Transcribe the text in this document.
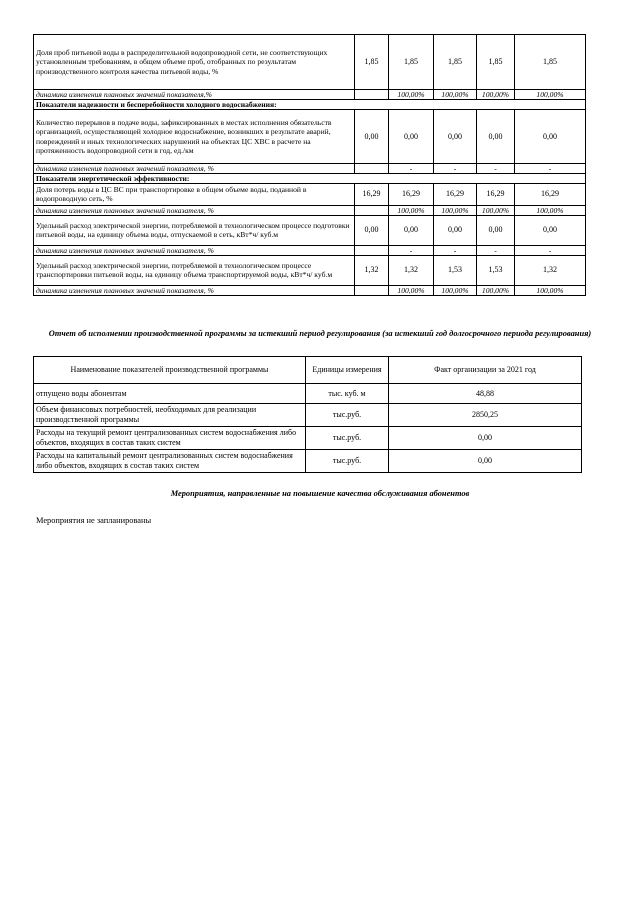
Доля проб питьевой воды в распределительной водопроводной сети, не соответствующих установленным требованиям, в общем объеме проб, отобранных по результатам производственного контроля качества питьевой воды, %	1,85	1,85	1,85	1,85	1,85
динамика изменения плановых значений показателя,%		100,00%	100,00%	100,00%	100,00%
Показатели надежности и бесперебойности холодного водоснабжения:					
Количество перерывов в подаче воды, зафиксированных в местах исполнения обязательств организацией, осуществляющей холодное водоснабжение, возникших в результате аварий, повреждений и иных технологических нарушений на объектах ЦС ХВС в расчете на протяженность водопроводной сети в год, ед./км	0,00	0,00	0,00	0,00	0,00
динамика изменения плановых значений показателя, %		-	-	-	-
Показатели энергетической эффективности:					
Доля потерь воды в ЦС ВС при транспортировке в общем объеме воды, поданной в водопроводную сеть, %	16,29	16,29	16,29	16,29	16,29
динамика изменения плановых значений показателя, %		100,00%	100,00%	100,00%	100,00%
Удельный расход электрической энергии, потребляемой в технологическом процессе подготовки питьевой воды, на единицу объема воды, отпускаемой в сеть, кВт*ч/ куб.м	0,00	0,00	0,00	0,00	0,00
динамика изменения плановых значений показателя, %		-	-	-	-
Удельный расход электрической энергии, потребляемой в технологическом процессе транспортировки питьевой воды, на единицу объема транспортируемой воды, кВт*ч/ куб.м	1,32	1,32	1,53	1,53	1,32
динамика изменения плановых значений показателя, %		100,00%	100,00%	100,00%	100,00%
Отчет об исполнении производственной программы за истекший период регулирования (за истекший год долгосрочного периода регулирования)
Наименование показателей производственной программы	Единицы измерения	Факт организации за 2021 год
отпущено воды абонентам	тыс. куб. м	48,88
Объем финансовых потребностей, необходимых для реализации производственной программы	тыс.руб.	2850,25
Расходы на текущий ремонт централизованных систем водоснабжения либо объектов, входящих в состав таких систем	тыс.руб.	0,00
Расходы на капитальный ремонт централизованных систем водоснабжения либо объектов, входящих в состав таких систем	тыс.руб.	0,00
Мероприятия, направленные на повышение качества обслуживания абонентов
Мероприятия не запланированы
